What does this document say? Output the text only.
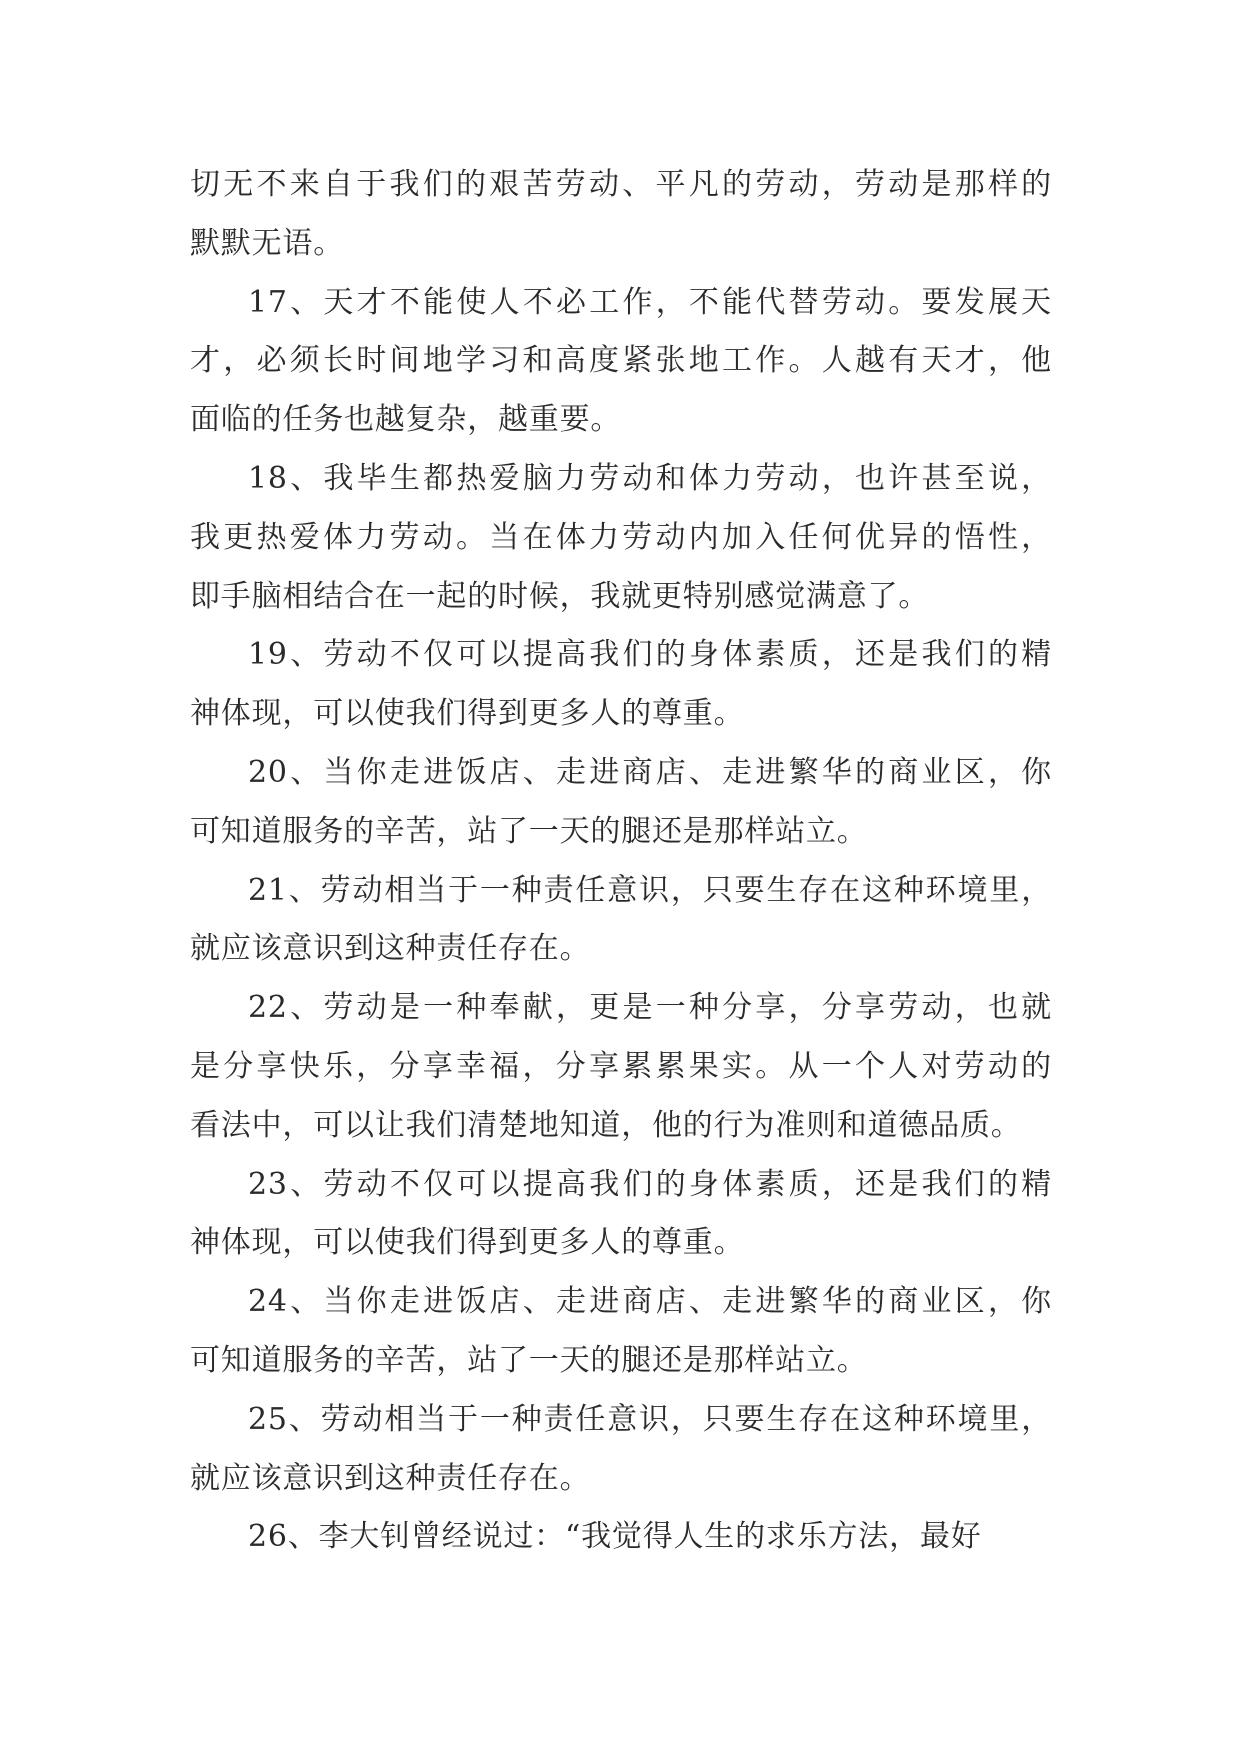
切无不来自于我们的艰苦劳动、平凡的劳动，劳动是那样的
默默无语。
17、天才不能使人不必工作，不能代替劳动。要发展天
才，必须长时间地学习和高度紧张地工作。人越有天才，他
面临的任务也越复杂，越重要。
18、我毕生都热爱脑力劳动和体力劳动，也许甚至说，
我更热爱体力劳动。当在体力劳动内加入任何优异的悟性，
即手脑相结合在一起的时候，我就更特别感觉满意了。
19、劳动不仅可以提高我们的身体素质，还是我们的精
神体现，可以使我们得到更多人的尊重。
20、当你走进饭店、走进商店、走进繁华的商业区，你
可知道服务的辛苦，站了一天的腿还是那样站立。
21、劳动相当于一种责任意识，只要生存在这种环境里，
就应该意识到这种责任存在。
22、劳动是一种奉献，更是一种分享，分享劳动，也就
是分享快乐，分享幸福，分享累累果实。从一个人对劳动的
看法中，可以让我们清楚地知道，他的行为准则和道德品质。
23、劳动不仅可以提高我们的身体素质，还是我们的精
神体现，可以使我们得到更多人的尊重。
24、当你走进饭店、走进商店、走进繁华的商业区，你
可知道服务的辛苦，站了一天的腿还是那样站立。
25、劳动相当于一种责任意识，只要生存在这种环境里，
就应该意识到这种责任存在。
26、李大钊曾经说过：“我觉得人生的求乐方法，最好
